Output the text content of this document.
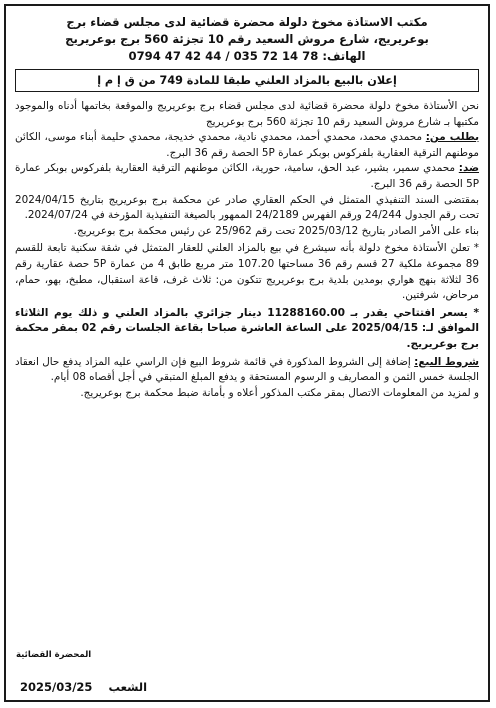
مكتب الاستاذة مخوخ دلولة محضرة قضائية لدى مجلس قضاء برج
بوعريريج، شارع مروش السعيد رقم 10 تجزئة 560 برج بوعريريج
الهاتف: 0794 47 42 44 / 035 72 14 78
إعلان بالبيع بالمزاد العلني طبقا للمادة 749 من ق إ م إ

نحن الأستاذة مخوخ دلولة محضرة قضائية لدى مجلس قضاء برج بوعريريج والموقعة بخاتمها أدناه والموجود مكتبها بـ شارع مروش السعيد رقم 10 تجزئة 560 برج بوعريريج

بطلب من: محمدي محمد، محمدي أحمد، محمدي نادية، محمدي خديجة، محمدي حليمة أبناء موسى، الكائن موطنهم الترقية العقارية بلفركوس بوبكر عمارة 5P الحصة رقم 36 البرج.

ضد: محمدي سمير، بشير، عبد الحق، سامية، حورية، الكائن موطنهم الترقية العقارية بلفركوس بوبكر عمارة 5P الحصة رقم 36 البرج.

بمقتضى السند التنفيذي المتمثل في الحكم العقاري صادر عن محكمة برج بوعريريج بتاريخ 2024/04/15 تحت رقم الجدول 24/244 ورقم الفهرس 24/2189 الممهور بالصيغة التنفيذية المؤرخة في 2024/07/24.

بناء على الأمر الصادر بتاريخ 2025/03/12 تحت رقم 25/962 عن رئيس محكمة برج بوعريريج.

* تعلن الأستاذة مخوخ دلولة بأنه سيشرع في بيع بالمزاد العلني للعقار المتمثل في شقة سكنية تابعة للقسم 89 مجموعة ملكية 27 قسم رقم 36 مساحتها 107.20 متر مربع طابق 4 من عمارة 5P حصة عقارية رقم 36 لثلاثة بنهج هواري بومدين بلدية برج بوعريريج تتكون من: ثلاث غرف، قاعة استقبال، مطبخ، بهو، حمام، مرحاض، شرفتين.

* يسعر افتتاحي يقدر بـ 11288160.00 دينار جزائري بالمزاد العلني و ذلك يوم الثلاثاء الموافق لـ: 2025/04/15 على الساعة العاشرة صباحا بقاعة الجلسات رقم 02 بمقر محكمة برج بوعريريج.

شروط البيع: إضافة إلى الشروط المذكورة في قائمة شروط البيع فإن الراسي عليه المزاد يدفع حال انعقاد الجلسة خمس الثمن و المصاريف و الرسوم المستحقة و يدفع المبلغ المتبقي في أجل أقصاه 08 أيام.

و لمزيد من المعلومات الاتصال بمقر مكتب المذكور أعلاه و بأمانة ضبط محكمة برج بوعريريج.

المحضرة القضائية
الشعب    2025/03/25
